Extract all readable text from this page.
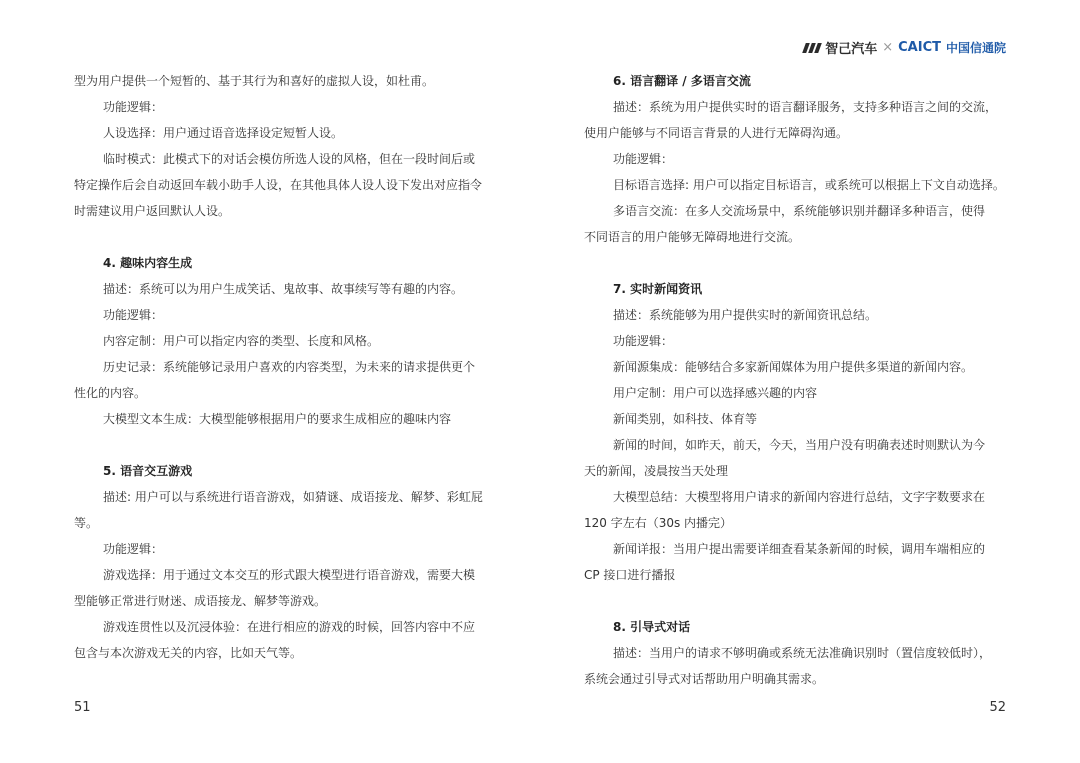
型为用户提供一个短暂的、基于其行为和喜好的虚拟人设，如杜甫。

功能逻辑：

人设选择：用户通过语音选择设定短暂人设。

临时模式：此模式下的对话会模仿所选人设的风格，但在一段时间后或

特定操作后会自动返回车载小助手人设，在其他具体人设人设下发出对应指令

时需建议用户返回默认人设。

4. 趣味内容生成

描述：系统可以为用户生成笑话、鬼故事、故事续写等有趣的内容。

功能逻辑：

内容定制：用户可以指定内容的类型、长度和风格。

历史记录：系统能够记录用户喜欢的内容类型，为未来的请求提供更个

性化的内容。

大模型文本生成：大模型能够根据用户的要求生成相应的趣味内容

5. 语音交互游戏

描述: 用户可以与系统进行语音游戏，如猜谜、成语接龙、解梦、彩虹屁等。

功能逻辑：

游戏选择：用于通过文本交互的形式跟大模型进行语音游戏，需要大模

型能够正常进行财迷、成语接龙、解梦等游戏。

游戏连贯性以及沉浸体验：在进行相应的游戏的时候，回答内容中不应

包含与本次游戏无关的内容，比如天气等。

51
智己汽车 × CAICT 中国信通院
6. 语言翻译 / 多语言交流

描述：系统为用户提供实时的语言翻译服务，支持多种语言之间的交流，

使用户能够与不同语言背景的人进行无障碍沟通。

功能逻辑：

目标语言选择: 用户可以指定目标语言，或系统可以根据上下文自动选择。

多语言交流：在多人交流场景中，系统能够识别并翻译多种语言，使得

不同语言的用户能够无障碍地进行交流。

7. 实时新闻资讯

描述：系统能够为用户提供实时的新闻资讯总结。

功能逻辑：

新闻源集成：能够结合多家新闻媒体为用户提供多渠道的新闻内容。

用户定制：用户可以选择感兴趣的内容

新闻类别，如科技、体育等

新闻的时间，如昨天，前天，今天，当用户没有明确表述时则默认为今

天的新闻，凌晨按当天处理

大模型总结：大模型将用户请求的新闻内容进行总结，文字字数要求在

120 字左右（30s 内播完）

新闻详报：当用户提出需要详细查看某条新闻的时候，调用车端相应的

CP 接口进行播报

8. 引导式对话

描述：当用户的请求不够明确或系统无法准确识别时（置信度较低时），

系统会通过引导式对话帮助用户明确其需求。

52
